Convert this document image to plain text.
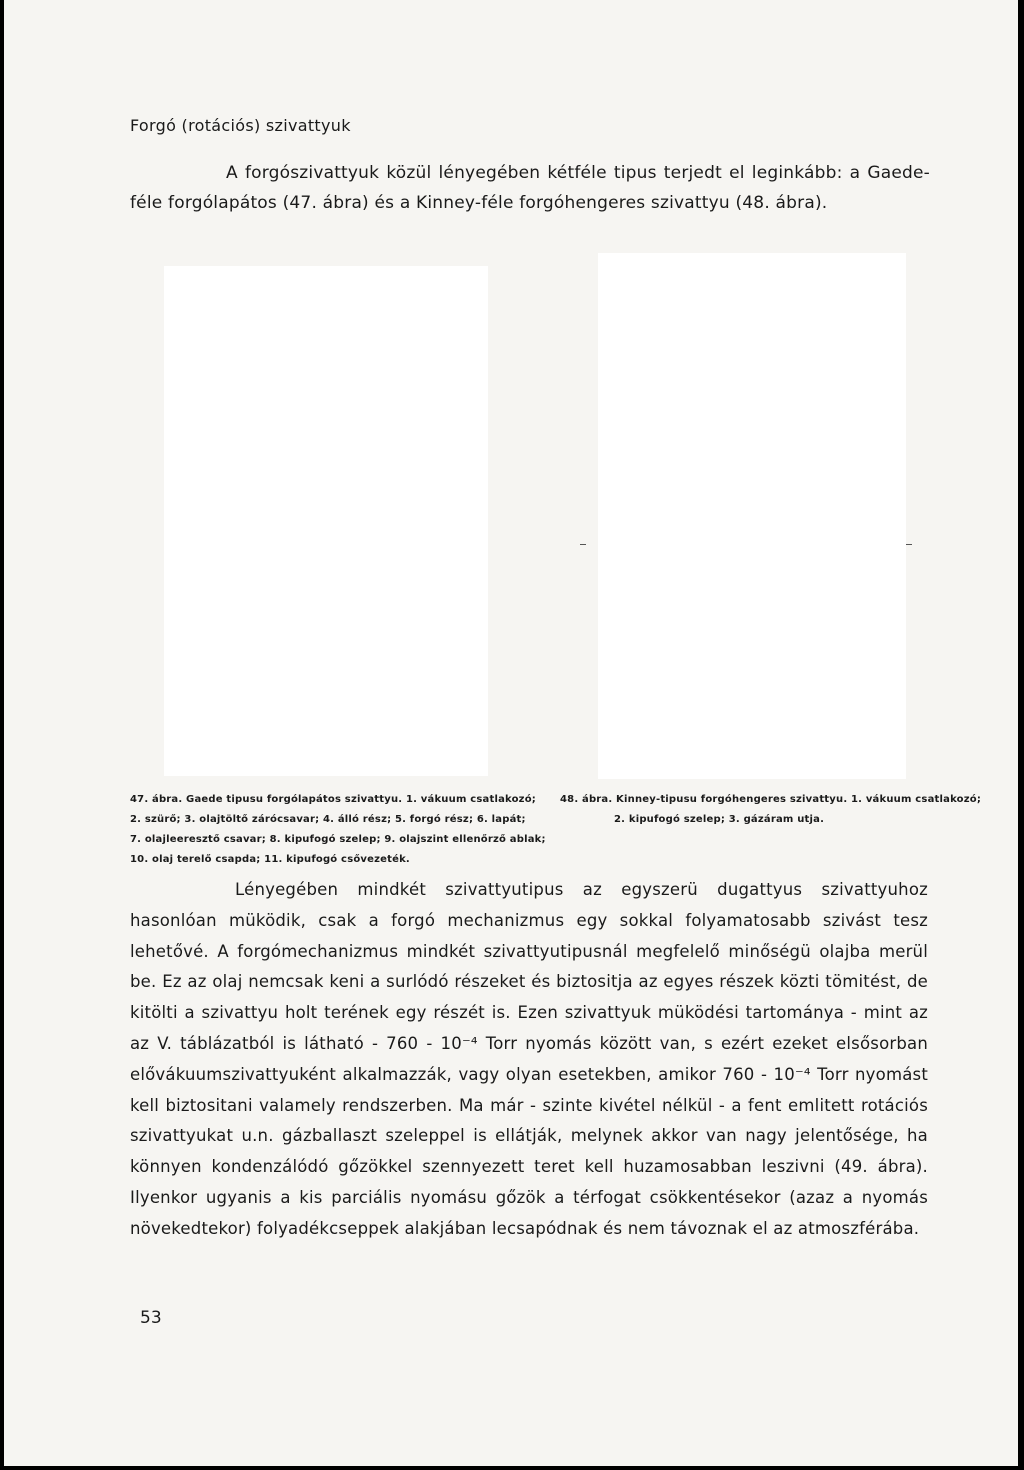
Forgó (rotációs) szivattyuk

A forgószivattyuk közül lényegében kétféle tipus terjedt el leginkább: a Gaede-féle forgólapátos (47. ábra) és a Kinney-féle forgóhengeres szivattyu (48. ábra).

47. ábra. Gaede tipusu forgólapátos szivattyu. 1. vákuum csatlakozó;
2. szürő; 3. olajtöltő zárócsavar; 4. álló rész; 5. forgó rész; 6. lapát;
7. olajleeresztő csavar; 8. kipufogó szelep; 9. olajszint ellenőrző ablak;
10. olaj terelő csapda; 11. kipufogó csővezeték.
48. ábra. Kinney-tipusu forgóhengeres szivattyu. 1. vákuum csatlakozó;
2. kipufogó szelep; 3. gázáram utja.

Lényegében mindkét szivattyutipus az egyszerü dugattyus szivattyuhoz hasonlóan müködik, csak a forgó mechanizmus egy sokkal folyamatosabb szivást tesz lehetővé. A forgómechanizmus mindkét szivattyutipusnál megfelelő minőségü olajba merül be. Ez az olaj nemcsak keni a surlódó részeket és biztositja az egyes részek közti tömitést, de kitölti a szivattyu holt terének egy részét is. Ezen szivattyuk müködési tartománya - mint az az V. táblázatból is látható - 760 - 10⁻⁴ Torr nyomás között van, s ezért ezeket elsősorban elővákuumszivattyuként alkalmazzák, vagy olyan esetekben, amikor 760 - 10⁻⁴ Torr nyomást kell biztositani valamely rendszerben. Ma már - szinte kivétel nélkül - a fent emlitett rotációs szivattyukat u.n. gázballaszt szeleppel is ellátják, melynek akkor van nagy jelentősége, ha könnyen kondenzálódó gőzökkel szennyezett teret kell huzamosabban leszivni (49. ábra). Ilyenkor ugyanis a kis parciális nyomásu gőzök a térfogat csökkentésekor (azaz a nyomás növekedtekor) folyadékcseppek alakjában lecsapódnak és nem távoznak el az atmoszférába.

53
